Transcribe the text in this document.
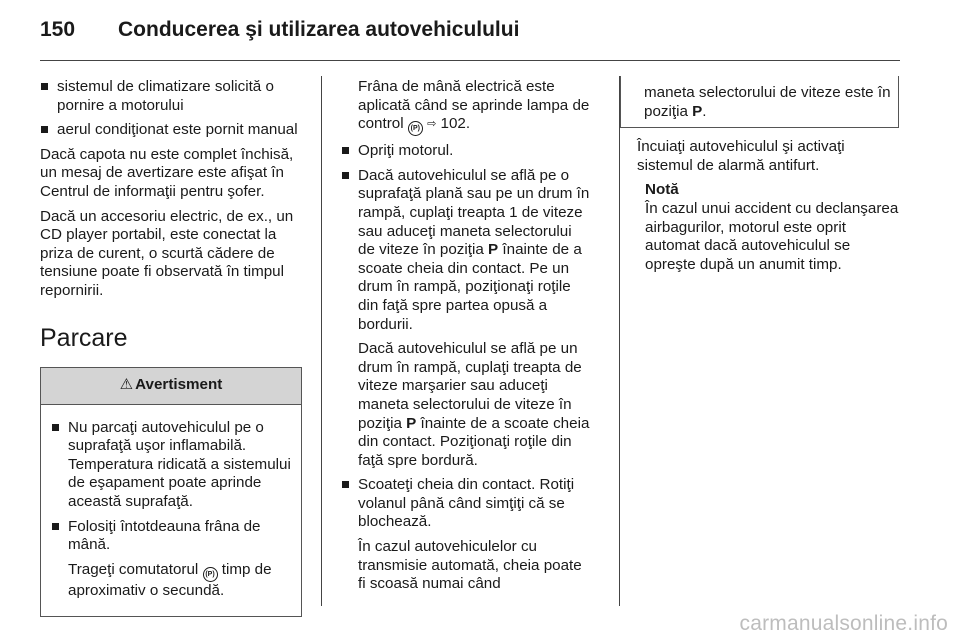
150 Conducerea şi utilizarea autovehiculului
sistemul de climatizare solicită o pornire a motorului
aerul condiţionat este pornit manual

Dacă capota nu este complet închisă, un mesaj de avertizare este afişat în Centrul de informaţii pentru şofer.

Dacă un accesoriu electric, de ex., un CD player portabil, este conectat la priza de curent, o scurtă cădere de tensiune poate fi observată în timpul repornirii.

Parcare
⚠ Avertisment
Nu parcaţi autovehiculul pe o suprafaţă uşor inflamabilă. Temperatura ridicată a sistemului de eşapament poate aprinde această suprafaţă.
Folosiţi întotdeauna frâna de mână.
Trageţi comutatorul (P) timp de aproximativ o secundă.
Frâna de mână electrică este aplicată când se aprinde lampa de control (P) ⇨ 102.
Opriţi motorul.
Dacă autovehiculul se află pe o suprafaţă plană sau pe un drum în rampă, cuplaţi treapta 1 de viteze sau aduceţi maneta selectorului de viteze în poziţia P înainte de a scoate cheia din contact. Pe un drum în rampă, poziţionaţi roţile din faţă spre partea opusă a bordurii.
Dacă autovehiculul se află pe un drum în rampă, cuplaţi treapta de viteze marşarier sau aduceţi maneta selectorului de viteze în poziţia P înainte de a scoate cheia din contact. Poziţionaţi roţile din faţă spre bordură.
Scoateţi cheia din contact. Rotiţi volanul până când simţiţi că se blochează.
În cazul autovehiculelor cu transmisie automată, cheia poate fi scoasă numai când
maneta selectorului de viteze este în poziţia P.

Încuiaţi autovehiculul şi activaţi sistemul de alarmă antifurt.

Notă
În cazul unui accident cu declanşarea airbagurilor, motorul este oprit automat dacă autovehiculul se opreşte după un anumit timp.
carmanualsonline.info
